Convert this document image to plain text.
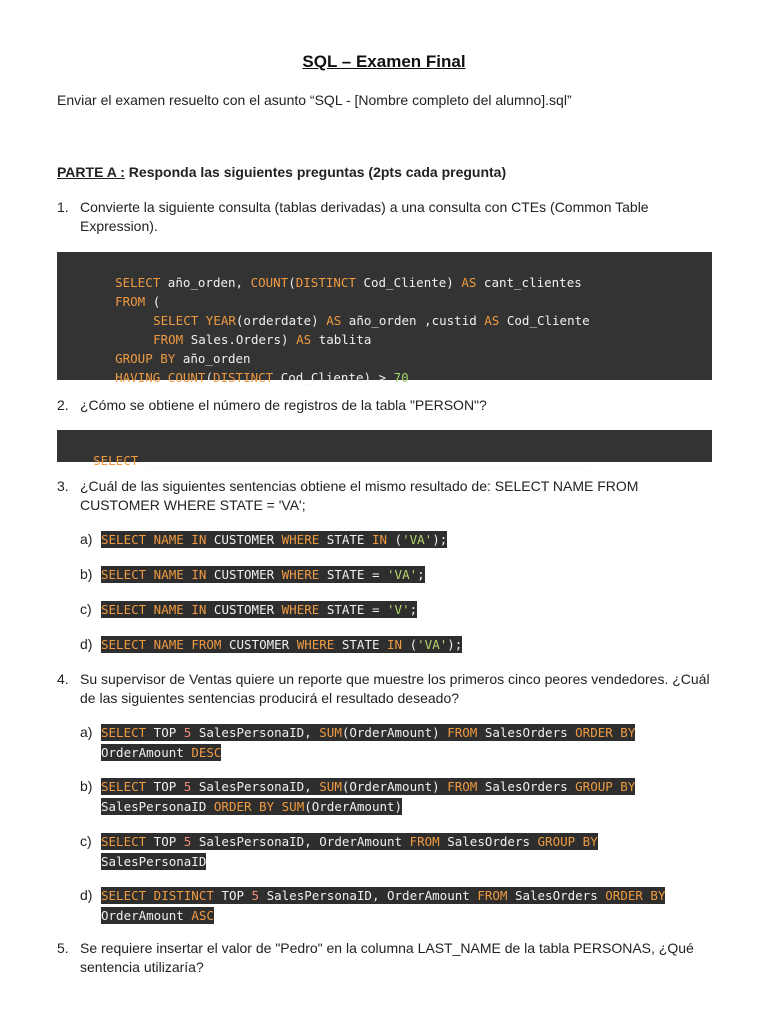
SQL – Examen Final
Enviar el examen resuelto con el asunto “SQL - [Nombre completo del alumno].sql”
PARTE A : Responda las siguientes preguntas (2pts cada pregunta)
1. Convierte la siguiente consulta (tablas derivadas) a una consulta con CTEs (Common Table Expression).

SELECT año_orden, COUNT(DISTINCT Cod_Cliente) AS cant_clientes

FROM (

SELECT YEAR(orderdate) AS año_orden ,custid AS Cod_Cliente

FROM Sales.Orders) AS tablita

GROUP BY año_orden

HAVING COUNT(DISTINCT Cod_Cliente) > 70

2. ¿Cómo se obtiene el número de registros de la tabla "PERSON"?

SELECT ___________________________________________________________

3. ¿Cuál de las siguientes sentencias obtiene el mismo resultado de: SELECT NAME FROM CUSTOMER WHERE STATE = 'VA';
a) SELECT NAME IN CUSTOMER WHERE STATE IN ('VA');
b) SELECT NAME IN CUSTOMER WHERE STATE = 'VA';
c) SELECT NAME IN CUSTOMER WHERE STATE = 'V';
d) SELECT NAME FROM CUSTOMER WHERE STATE IN ('VA');
4. Su supervisor de Ventas quiere un reporte que muestre los primeros cinco peores vendedores. ¿Cuál de las siguientes sentencias producirá el resultado deseado?
a) SELECT TOP 5 SalesPersonaID, SUM(OrderAmount) FROM SalesOrders ORDER BY
OrderAmount DESC
b) SELECT TOP 5 SalesPersonaID, SUM(OrderAmount) FROM SalesOrders GROUP BY
SalesPersonaID ORDER BY SUM(OrderAmount)
c) SELECT TOP 5 SalesPersonaID, OrderAmount FROM SalesOrders GROUP BY
SalesPersonaID
d) SELECT DISTINCT TOP 5 SalesPersonaID, OrderAmount FROM SalesOrders ORDER BY
OrderAmount ASC
5. Se requiere insertar el valor de "Pedro" en la columna LAST_NAME de la tabla PERSONAS, ¿Qué sentencia utilizaría?
